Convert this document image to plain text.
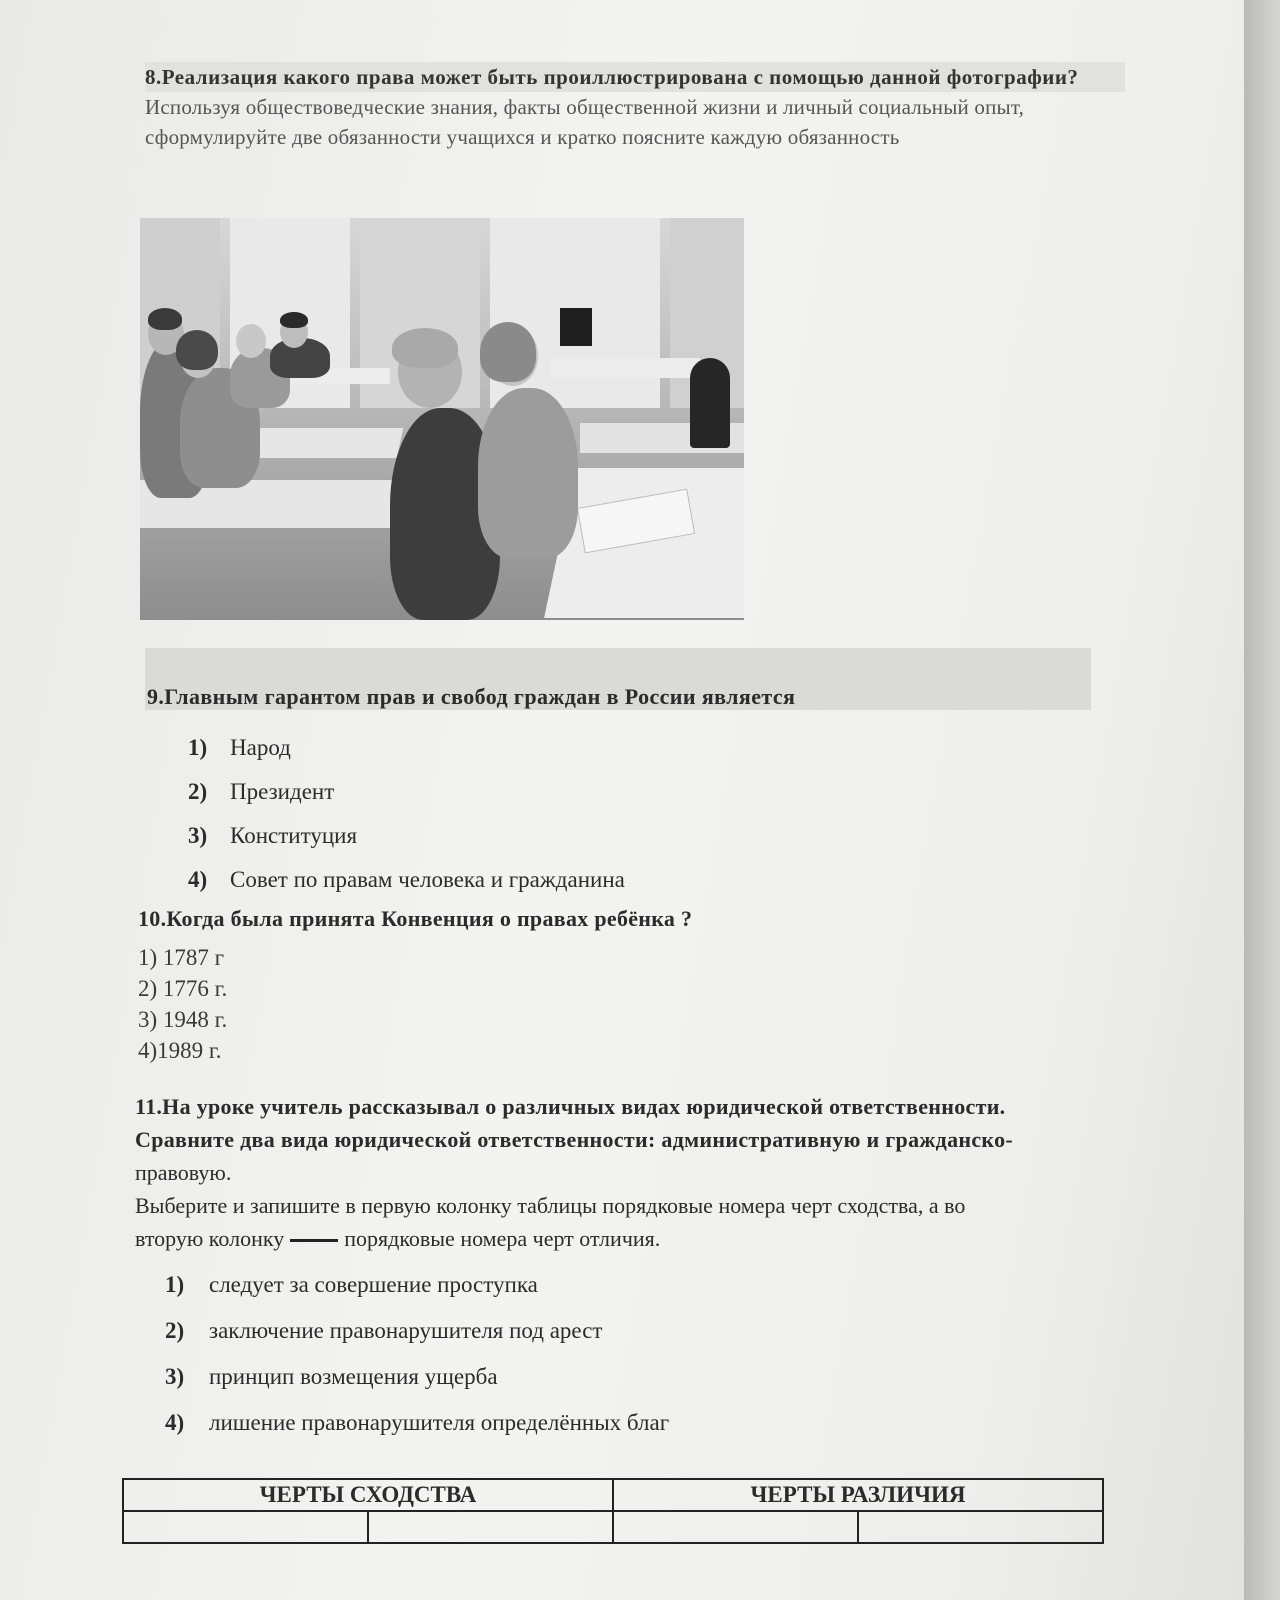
8.Реализация какого права может быть проиллюстрирована с помощью данной фотографии?
Используя обществоведческие знания, факты общественной жизни и личный социальный опыт, сформулируйте две обязанности учащихся и кратко поясните каждую обязанность
9.Главным гарантом прав и свобод граждан в России является
1) Народ
2) Президент
3) Конституция
4) Совет по правам человека и гражданина
10.Когда была принята Конвенция о правах ребёнка ?
1) 1787 г
2) 1776 г.
3) 1948 г.
4)1989 г.
11.На уроке учитель рассказывал о различных видах юридической ответственности.
Сравните два вида юридической ответственности: административную и гражданско-
правовую.
Выберите и запишите в первую колонку таблицы порядковые номера черт сходства, а во
вторую колонку	порядковые номера черт отличия.
1) следует за совершение проступка
2) заключение правонарушителя под арест
3) принцип возмещения ущерба
4) лишение правонарушителя определённых благ
ЧЕРТЫ СХОДСТВА		ЧЕРТЫ РАЗЛИЧИЯ	
